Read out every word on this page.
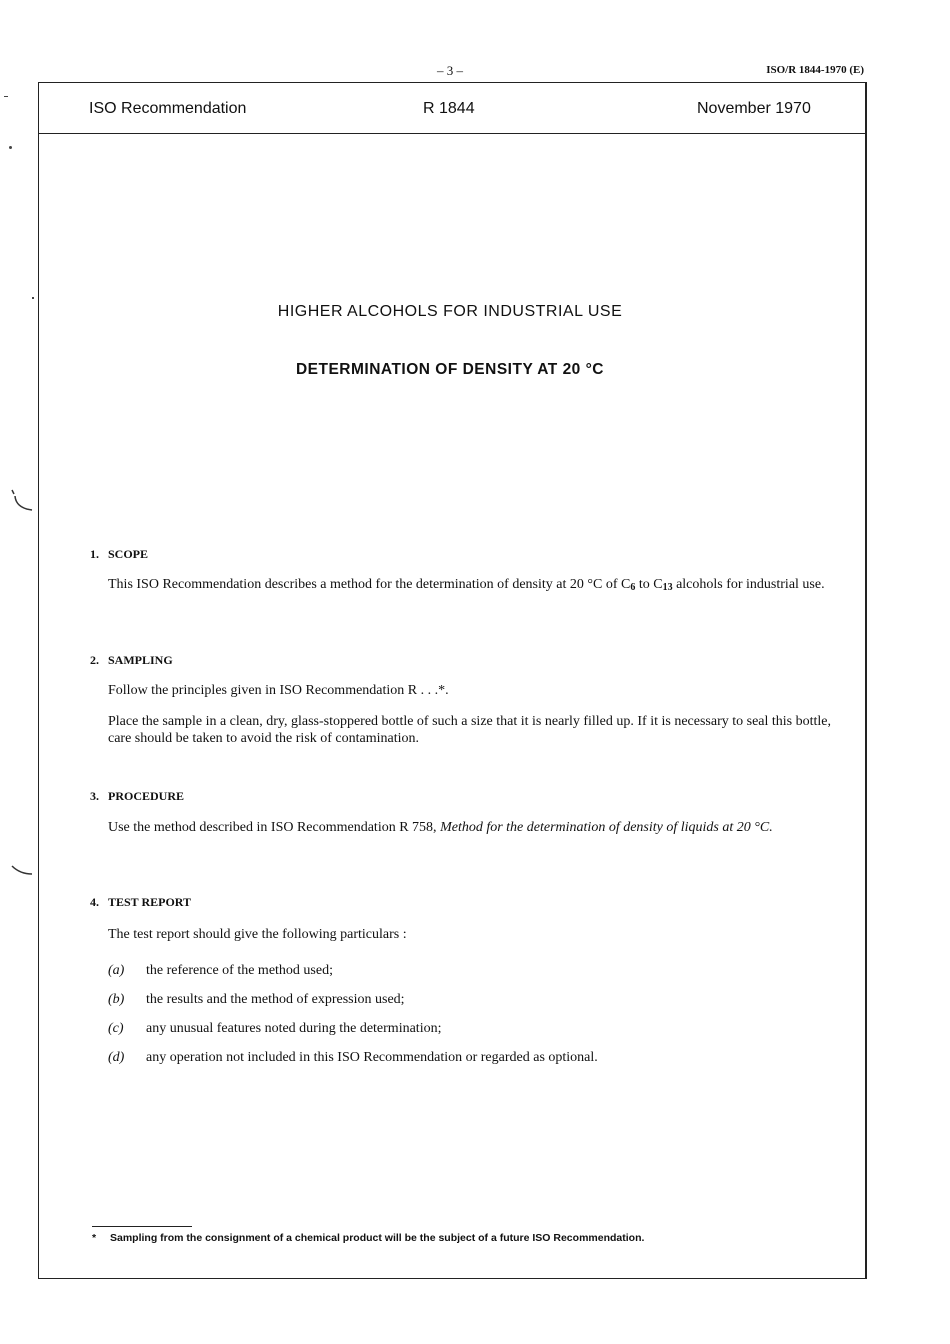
– 3 –	ISO/R 1844-1970 (E)
ISO Recommendation	R 1844	November 1970
HIGHER ALCOHOLS FOR INDUSTRIAL USE
DETERMINATION OF DENSITY AT 20 °C
1. SCOPE
This ISO Recommendation describes a method for the determination of density at 20 °C of $C_6$ to $C_{13}$ alcohols for industrial use.
2. SAMPLING
Follow the principles given in ISO Recommendation R . . .*.
Place the sample in a clean, dry, glass-stoppered bottle of such a size that it is nearly filled up. If it is necessary to seal this bottle, care should be taken to avoid the risk of contamination.
3. PROCEDURE
Use the method described in ISO Recommendation R 758, Method for the determination of density of liquids at 20 °C.
4. TEST REPORT
The test report should give the following particulars :
(a) the reference of the method used;
(b) the results and the method of expression used;
(c) any unusual features noted during the determination;
(d) any operation not included in this ISO Recommendation or regarded as optional.
* Sampling from the consignment of a chemical product will be the subject of a future ISO Recommendation.
